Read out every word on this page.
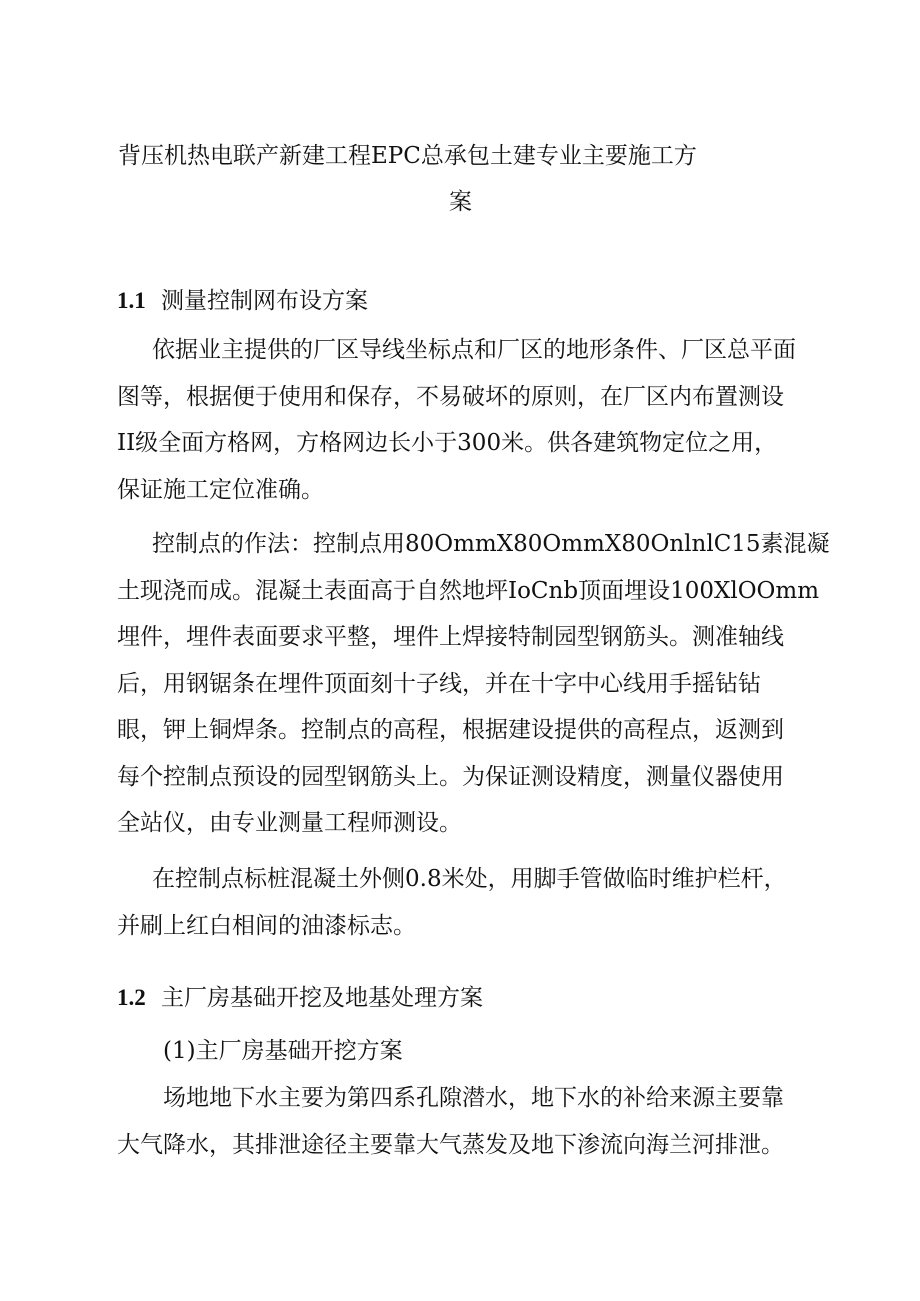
背压机热电联产新建工程EPC总承包土建专业主要施工方
案
1.1 测量控制网布设方案
依据业主提供的厂区导线坐标点和厂区的地形条件、厂区总平面
图等，根据便于使用和保存，不易破坏的原则，在厂区内布置测设
II级全面方格网，方格网边长小于300米。供各建筑物定位之用，
保证施工定位准确。
控制点的作法：控制点用80OmmX80OmmX80OnlnlC15素混凝
土现浇而成。混凝土表面高于自然地坪IoCnb顶面埋设100XlOOmm
埋件，埋件表面要求平整，埋件上焊接特制园型钢筋头。测准轴线
后，用钢锯条在埋件顶面刻十子线，并在十字中心线用手摇钻钻
眼，钾上铜焊条。控制点的高程，根据建设提供的高程点，返测到
每个控制点预设的园型钢筋头上。为保证测设精度，测量仪器使用
全站仪，由专业测量工程师测设。
在控制点标桩混凝土外侧0.8米处，用脚手管做临时维护栏杆，
并刷上红白相间的油漆标志。
1.2 主厂房基础开挖及地基处理方案
(1)主厂房基础开挖方案
场地地下水主要为第四系孔隙潜水，地下水的补给来源主要靠
大气降水，其排泄途径主要靠大气蒸发及地下渗流向海兰河排泄。
